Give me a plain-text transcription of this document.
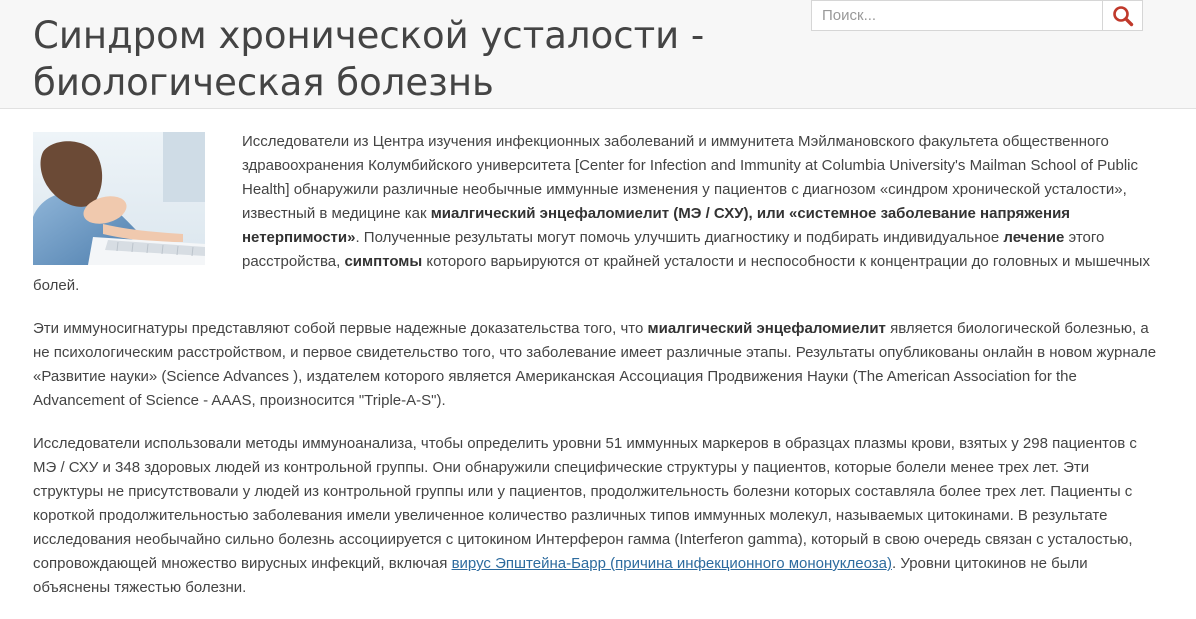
Синдром хронической усталости -
биологическая болезнь
Поиск...

Исследователи из Центра изучения инфекционных заболеваний и иммунитета Мэйлмановского факультета общественного здравоохранения Колумбийского университета [Center for Infection and Immunity at Columbia University's Mailman School of Public Health] обнаружили различные необычные иммунные изменения у пациентов с диагнозом «синдром хронической усталости», известный в медицине как миалгический энцефаломиелит (МЭ / СХУ), или «системное заболевание напряжения нетерпимости». Полученные результаты могут помочь улучшить диагностику и подбирать индивидуальное лечение этого расстройства, симптомы которого варьируются от крайней усталости и неспособности к концентрации до головных и мышечных болей.

Эти иммуносигнатуры представляют собой первые надежные доказательства того, что миалгический энцефаломиелит является биологической болезнью, а не психологическим расстройством, и первое свидетельство того, что заболевание имеет различные этапы. Результаты опубликованы онлайн в новом журнале «Развитие науки» (Science Advances ), издателем которого является Американская Ассоциация Продвижения Науки (The American Association for the Advancement of Science - AAAS, произносится "Triple-A-S").

Исследователи использовали методы иммуноанализа, чтобы определить уровни 51 иммунных маркеров в образцах плазмы крови, взятых у 298 пациентов с МЭ / СХУ и 348 здоровых людей из контрольной группы. Они обнаружили специфические структуры у пациентов, которые болели менее трех лет. Эти структуры не присутствовали у людей из контрольной группы или у пациентов, продолжительность болезни которых составляла более трех лет. Пациенты с короткой продолжительностью заболевания имели увеличенное количество различных типов иммунных молекул, называемых цитокинами. В результате исследования необычайно сильно болезнь ассоциируется с цитокином Интерферон гамма (Interferon gamma), который в свою очередь связан с усталостью, сопровождающей множество вирусных инфекций, включая вирус Эпштейна-Барр (причина инфекционного мононуклеоза). Уровни цитокинов не были объяснены тяжестью болезни.
